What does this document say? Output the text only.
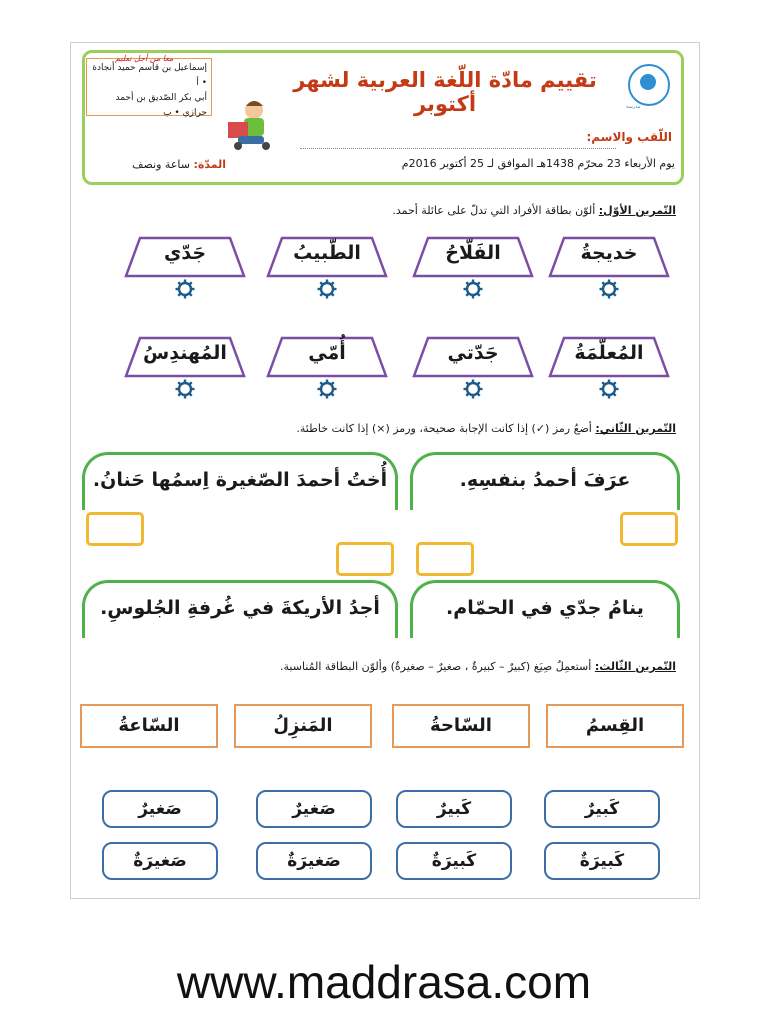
معا من أجل تعليم
إسماعيل بن قاسم حميد أنجادة • أ
أبي بكر الصّديق بن أحمد حرازي • ب
تقييم مادّة اللّغة العربية لشهر أكتوبر	مدرسة
اللّقب والاسم:
يوم الأربعاء 23 محرّم 1438هـ الموافق لـ 25 أكتوبر 2016م
المدّة: ساعة ونصف
التّمرين الأوّل: ألوّن بطاقة الأفراد التي تدلّ على عائلة أحمد.
خديجةُ
الفَلّاحُ
الطّبيبُ
جَدّي
المُعلّمَةُ
جَدّتي
أُمّي
المُهندِسُ
التّمرين الثّاني: أضعُ رمز (✓) إذا كانت الإجابة صحيحة، ورمز (×) إذا كانت خاطئة.
عرَفَ أحمدُ بنفسِهِ.
أُختُ أحمدَ الصّغيرة اِسمُها حَنانُ.
ينامُ جدّي في الحمّام.
أجدُ الأريكةَ في غُرفةِ الجُلوسِ.
التّمرين الثّالث: أستعمِلُ صِيَغ (كبيرٌ – كبيرةٌ ، صغيرٌ – صغيرةٌ) وألوّن البطاقة المُناسبة.
القِسمُ
السّاحةُ
المَنزِلُ
السّاعةُ
كَبيرٌ
كَبيرٌ
صَغيرٌ
صَغيرٌ
كَبيرَةٌ
كَبيرَةٌ
صَغيرَةٌ
صَغيرَةٌ
www.maddrasa.com
